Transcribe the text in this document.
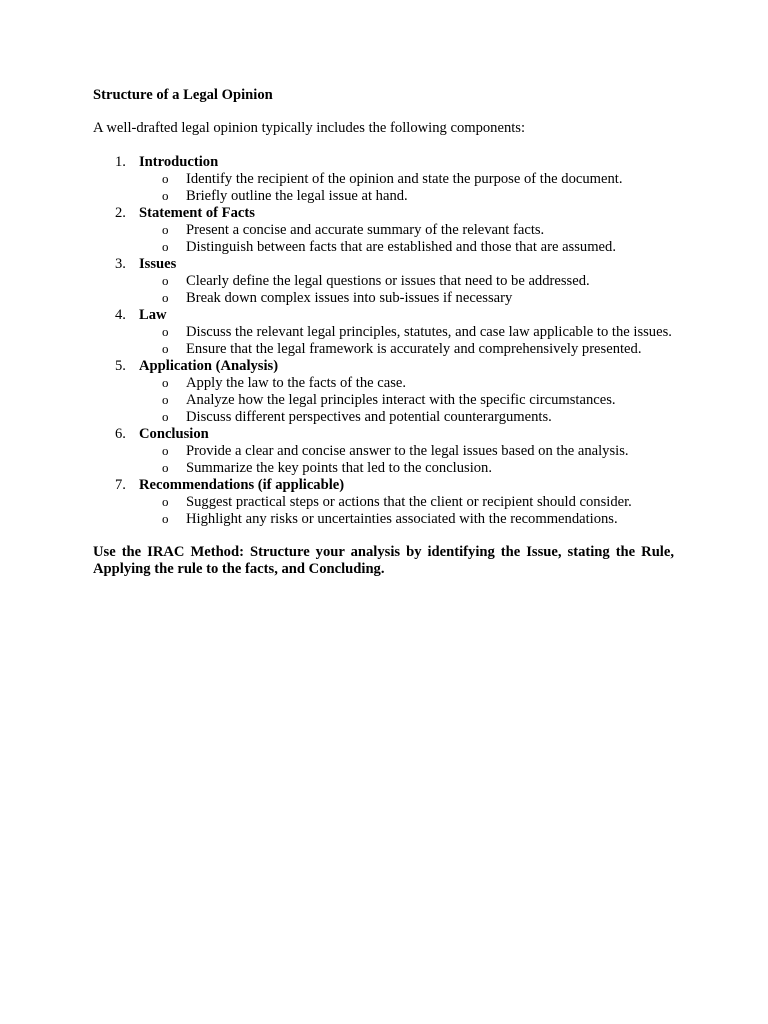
Structure of a Legal Opinion

A well-drafted legal opinion typically includes the following components:

1. Introduction
o Identify the recipient of the opinion and state the purpose of the document.
o Briefly outline the legal issue at hand.
2. Statement of Facts
o Present a concise and accurate summary of the relevant facts.
o Distinguish between facts that are established and those that are assumed.
3. Issues
o Clearly define the legal questions or issues that need to be addressed.
o Break down complex issues into sub-issues if necessary
4. Law
o Discuss the relevant legal principles, statutes, and case law applicable to the issues.
o Ensure that the legal framework is accurately and comprehensively presented.
5. Application (Analysis)
o Apply the law to the facts of the case.
o Analyze how the legal principles interact with the specific circumstances.
o Discuss different perspectives and potential counterarguments.
6. Conclusion
o Provide a clear and concise answer to the legal issues based on the analysis.
o Summarize the key points that led to the conclusion.
7. Recommendations (if applicable)
o Suggest practical steps or actions that the client or recipient should consider.
o Highlight any risks or uncertainties associated with the recommendations.

Use the IRAC Method: Structure your analysis by identifying the Issue, stating the Rule, Applying the rule to the facts, and Concluding.
